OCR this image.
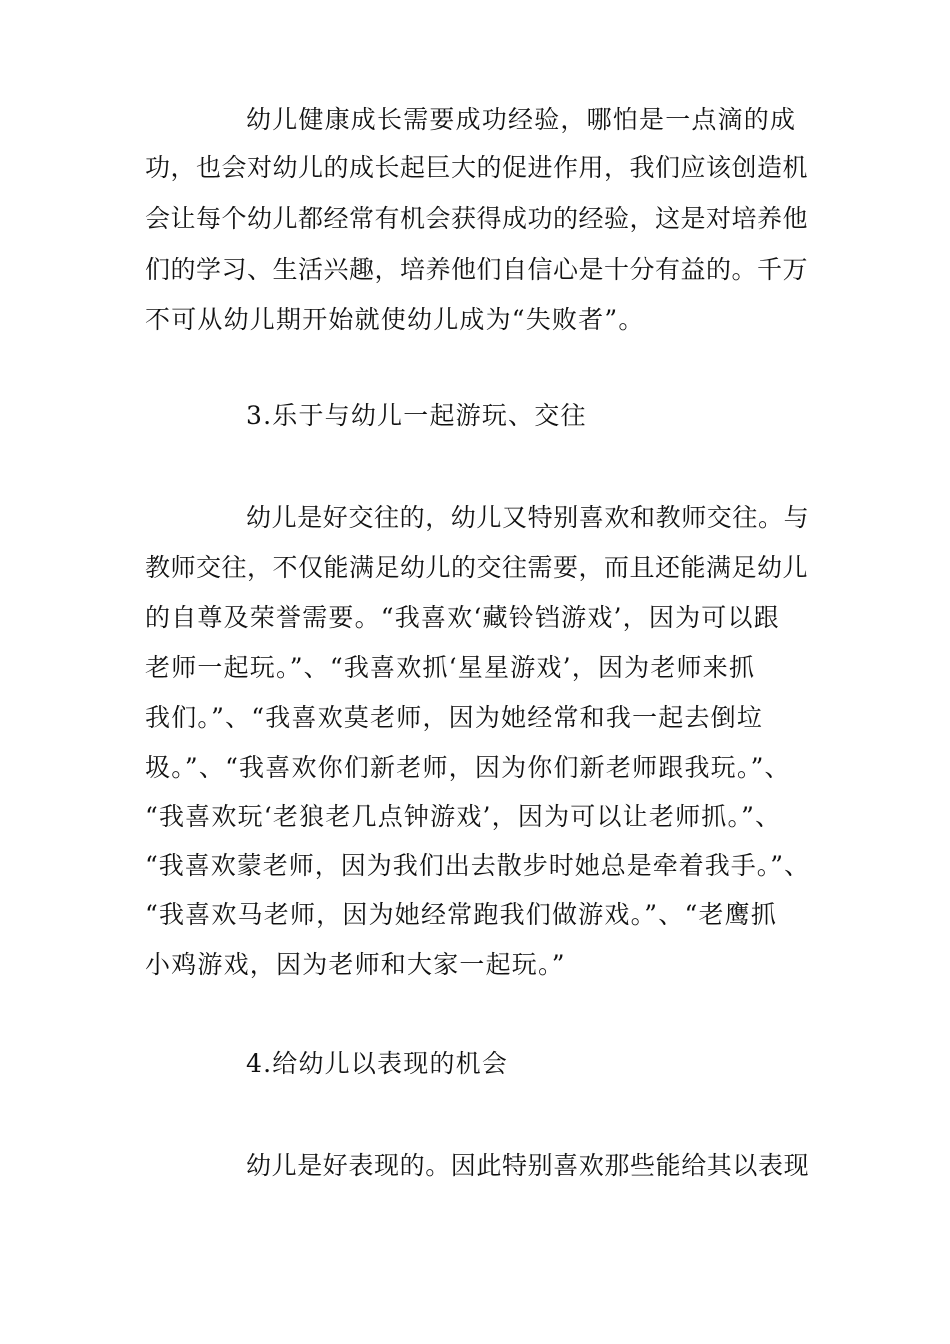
幼儿健康成长需要成功经验，哪怕是一点滴的成
功，也会对幼儿的成长起巨大的促进作用，我们应该创造机
会让每个幼儿都经常有机会获得成功的经验，这是对培养他
们的学习、生活兴趣，培养他们自信心是十分有益的。千万
不可从幼儿期开始就使幼儿成为“失败者”。
3.乐于与幼儿一起游玩、交往
幼儿是好交往的，幼儿又特别喜欢和教师交往。与
教师交往，不仅能满足幼儿的交往需要，而且还能满足幼儿
的自尊及荣誉需要。“我喜欢‘藏铃铛游戏’，因为可以跟
老师一起玩。”、“我喜欢抓‘星星游戏’，因为老师来抓
我们。”、“我喜欢莫老师，因为她经常和我一起去倒垃
圾。”、“我喜欢你们新老师，因为你们新老师跟我玩。”、
“我喜欢玩‘老狼老几点钟游戏’，因为可以让老师抓。”、
“我喜欢蒙老师，因为我们出去散步时她总是牵着我手。”、
“我喜欢马老师，因为她经常跑我们做游戏。”、“老鹰抓
小鸡游戏，因为老师和大家一起玩。”
4.给幼儿以表现的机会
幼儿是好表现的。因此特别喜欢那些能给其以表现
